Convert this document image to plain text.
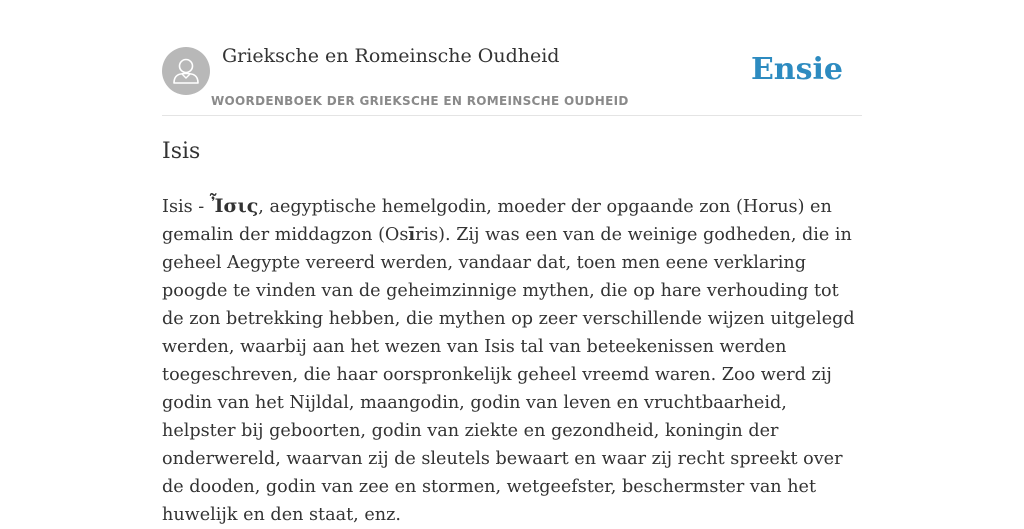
Grieksche en Romeinsche Oudheid
WOORDENBOEK DER GRIEKSCHE EN ROMEINSCHE OUDHEID
Ensie
Isis

Isis - Ἶσις, aegyptische hemelgodin, moeder der opgaande zon (Horus) en gemalin der middagzon (Osīris). Zij was een van de weinige godheden, die in geheel Aegypte vereerd werden, vandaar dat, toen men eene verklaring poogde te vinden van de geheimzinnige mythen, die op hare verhouding tot de zon betrekking hebben, die mythen op zeer verschillende wijzen uitgelegd werden, waarbij aan het wezen van Isis tal van beteekenissen werden toegeschreven, die haar oorspronkelijk geheel vreemd waren. Zoo werd zij godin van het Nijldal, maangodin, godin van leven en vruchtbaarheid, helpster bij geboorten, godin van ziekte en gezondheid, koningin der onderwereld, waarvan zij de sleutels bewaart en waar zij recht spreekt over de dooden, godin van zee en stormen, wetgeefster, beschermster van het huwelijk en den staat, enz.
